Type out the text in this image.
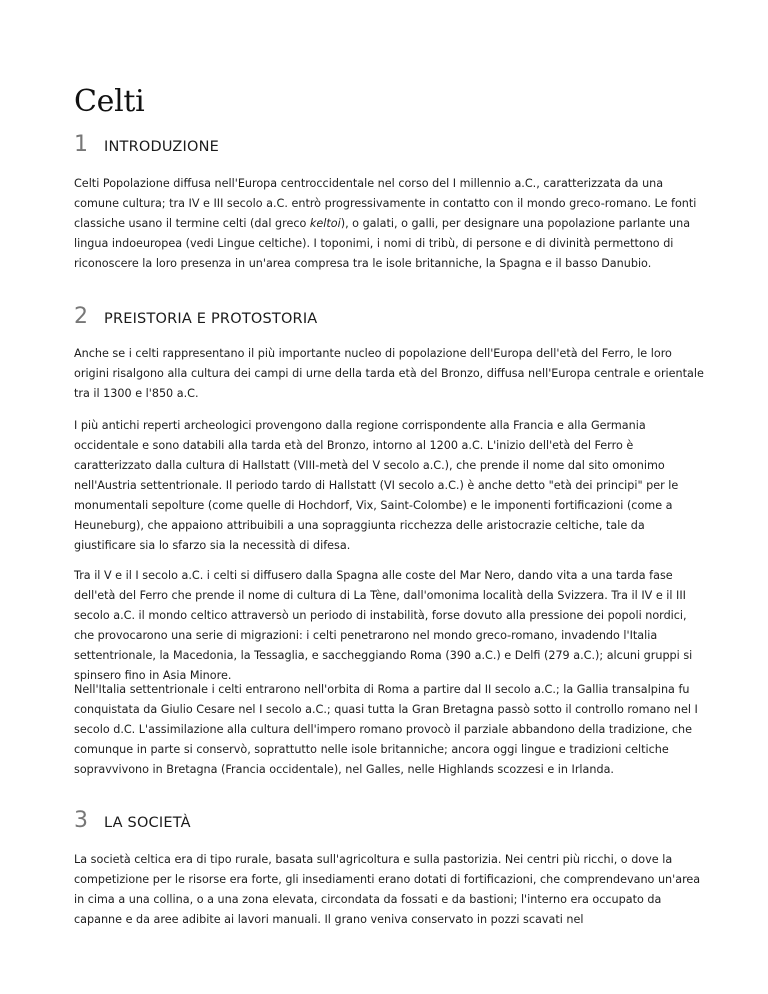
Celti
1	INTRODUZIONE

Celti Popolazione diffusa nell'Europa centroccidentale nel corso del I millennio a.C., caratterizzata da una comune cultura; tra IV e III secolo a.C. entrò progressivamente in contatto con il mondo greco-romano. Le fonti classiche usano il termine celti (dal greco keltoi), o galati, o galli, per designare una popolazione parlante una lingua indoeuropea (vedi Lingue celtiche). I toponimi, i nomi di tribù, di persone e di divinità permettono di riconoscere la loro presenza in un'area compresa tra le isole britanniche, la Spagna e il basso Danubio.

2	PREISTORIA E PROTOSTORIA

Anche se i celti rappresentano il più importante nucleo di popolazione dell'Europa dell'età del Ferro, le loro origini risalgono alla cultura dei campi di urne della tarda età del Bronzo, diffusa nell'Europa centrale e orientale tra il 1300 e l'850 a.C.

I più antichi reperti archeologici provengono dalla regione corrispondente alla Francia e alla Germania occidentale e sono databili alla tarda età del Bronzo, intorno al 1200 a.C. L'inizio dell'età del Ferro è caratterizzato dalla cultura di Hallstatt (VIII-metà del V secolo a.C.), che prende il nome dal sito omonimo nell'Austria settentrionale. Il periodo tardo di Hallstatt (VI secolo a.C.) è anche detto "età dei principi" per le monumentali sepolture (come quelle di Hochdorf, Vix, Saint-Colombe) e le imponenti fortificazioni (come a Heuneburg), che appaiono attribuibili a una sopraggiunta ricchezza delle aristocrazie celtiche, tale da giustificare sia lo sfarzo sia la necessità di difesa.

Tra il V e il I secolo a.C. i celti si diffusero dalla Spagna alle coste del Mar Nero, dando vita a una tarda fase dell'età del Ferro che prende il nome di cultura di La Tène, dall'omonima località della Svizzera. Tra il IV e il III secolo a.C. il mondo celtico attraversò un periodo di instabilità, forse dovuto alla pressione dei popoli nordici, che provocarono una serie di migrazioni: i celti penetrarono nel mondo greco-romano, invadendo l'Italia settentrionale, la Macedonia, la Tessaglia, e saccheggiando Roma (390 a.C.) e Delfi (279 a.C.); alcuni gruppi si spinsero fino in Asia Minore.

Nell'Italia settentrionale i celti entrarono nell'orbita di Roma a partire dal II secolo a.C.; la Gallia transalpina fu conquistata da Giulio Cesare nel I secolo a.C.; quasi tutta la Gran Bretagna passò sotto il controllo romano nel I secolo d.C. L'assimilazione alla cultura dell'impero romano provocò il parziale abbandono della tradizione, che comunque in parte si conservò, soprattutto nelle isole britanniche; ancora oggi lingue e tradizioni celtiche sopravvivono in Bretagna (Francia occidentale), nel Galles, nelle Highlands scozzesi e in Irlanda.

3	LA SOCIETÀ

La società celtica era di tipo rurale, basata sull'agricoltura e sulla pastorizia. Nei centri più ricchi, o dove la competizione per le risorse era forte, gli insediamenti erano dotati di fortificazioni, che comprendevano un'area in cima a una collina, o a una zona elevata, circondata da fossati e da bastioni; l'interno era occupato da capanne e da aree adibite ai lavori manuali. Il grano veniva conservato in pozzi scavati nel
